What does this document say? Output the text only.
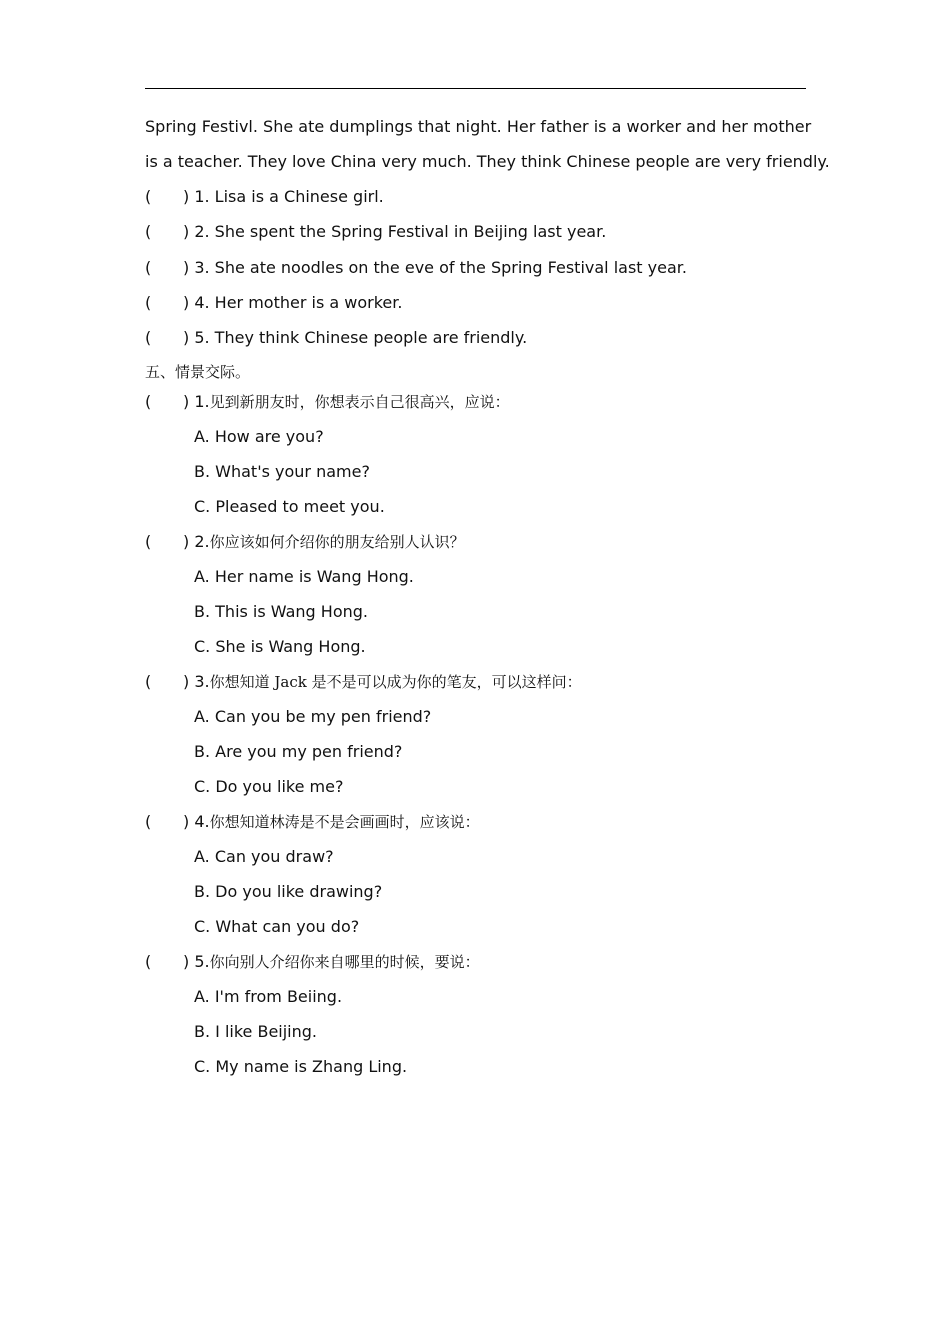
Spring Festivl. She ate dumplings that night. Her father is a worker and her mother
is a teacher. They love China very much. They think Chinese people are very friendly.
( ) 1. Lisa is a Chinese girl.
( ) 2. She spent the Spring Festival in Beijing last year.
( ) 3. She ate noodles on the eve of the Spring Festival last year.
( ) 4. Her mother is a worker.
( ) 5. They think Chinese people are friendly.
五、情景交际。
( ) 1.见到新朋友时，你想表示自己很高兴，应说：
A. How are you?
B. What's your name?
C. Pleased to meet you.
( ) 2.你应该如何介绍你的朋友给别人认识？
A. Her name is Wang Hong.
B. This is Wang Hong.
C. She is Wang Hong.
( ) 3.你想知道 Jack 是不是可以成为你的笔友，可以这样问：
A. Can you be my pen friend?
B. Are you my pen friend?
C. Do you like me?
( ) 4.你想知道林涛是不是会画画时，应该说：
A. Can you draw?
B. Do you like drawing?
C. What can you do?
( ) 5.你向别人介绍你来自哪里的时候，要说：
A. I'm from Beiing.
B. I like Beijing.
C. My name is Zhang Ling.
